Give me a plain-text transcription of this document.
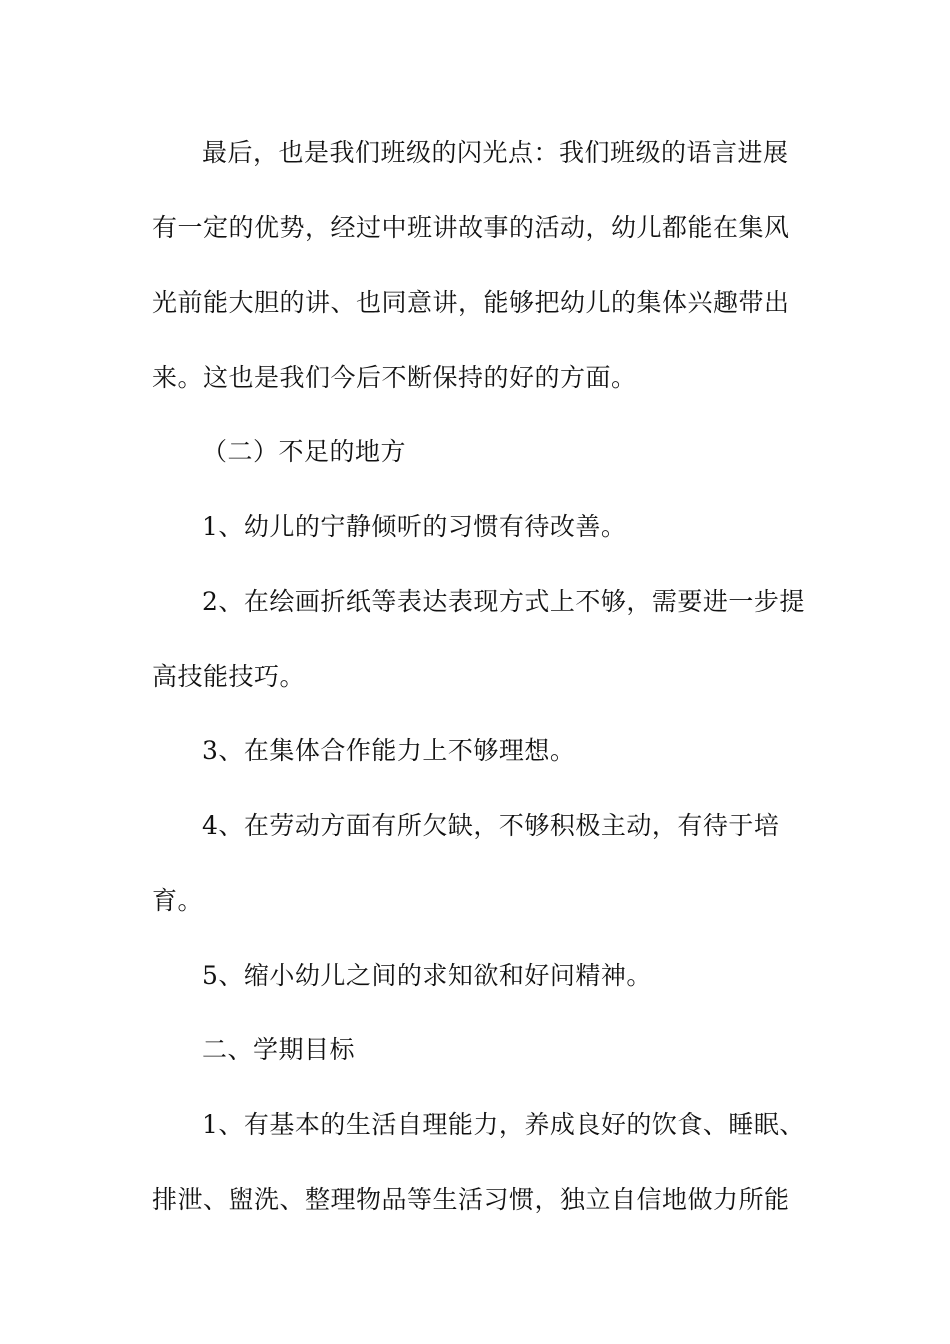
最后，也是我们班级的闪光点：我们班级的语言进展
有一定的优势，经过中班讲故事的活动，幼儿都能在集风
光前能大胆的讲、也同意讲，能够把幼儿的集体兴趣带出
来。这也是我们今后不断保持的好的方面。
（二）不足的地方
1、幼儿的宁静倾听的习惯有待改善。
2、在绘画折纸等表达表现方式上不够，需要进一步提
高技能技巧。
3、在集体合作能力上不够理想。
4、在劳动方面有所欠缺，不够积极主动，有待于培
育。
5、缩小幼儿之间的求知欲和好问精神。
二、学期目标
1、有基本的生活自理能力，养成良好的饮食、睡眠、
排泄、盥洗、整理物品等生活习惯，独立自信地做力所能
